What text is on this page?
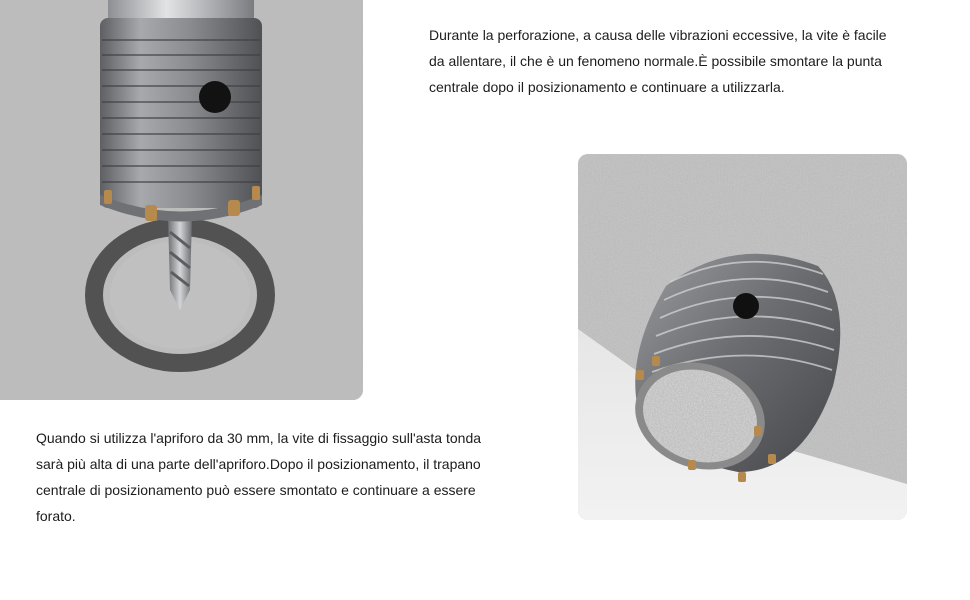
Durante la perforazione, a causa delle vibrazioni eccessive, la vite è facile da allentare, il che è un fenomeno normale.È possibile smontare la punta centrale dopo il posizionamento e continuare a utilizzarla.

Quando si utilizza l'apriforo da 30 mm, la vite di fissaggio sull'asta tonda sarà più alta di una parte dell'apriforo.Dopo il posizionamento, il trapano centrale di posizionamento può essere smontato e continuare a essere forato.
